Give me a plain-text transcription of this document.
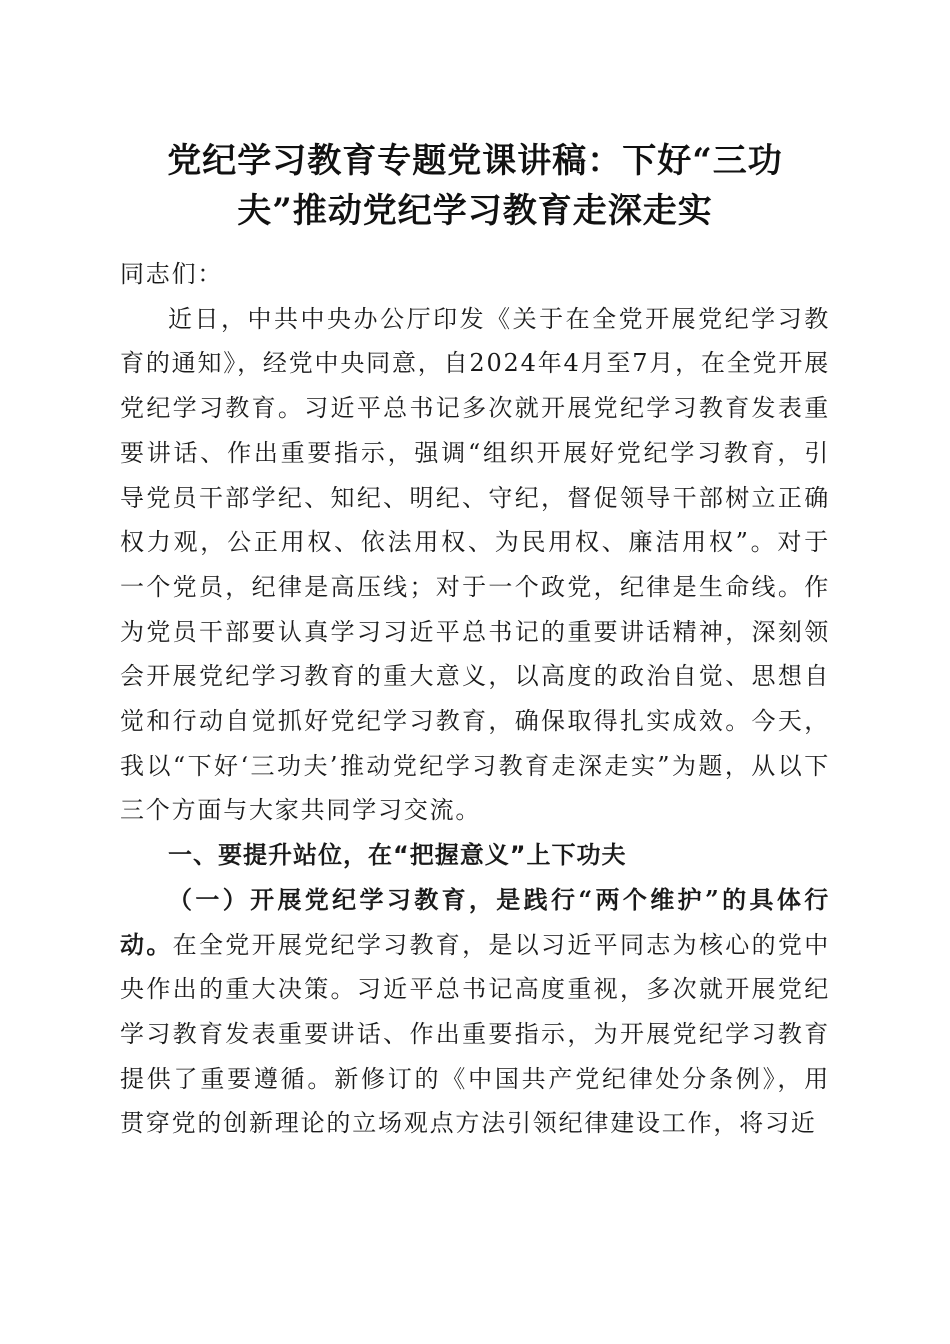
党纪学习教育专题党课讲稿：下好“三功
夫”推动党纪学习教育走深走实

同志们：

近日，中共中央办公厅印发《关于在全党开展党纪学习教育的通知》，经党中央同意，自2024年4月至7月，在全党开展党纪学习教育。习近平总书记多次就开展党纪学习教育发表重要讲话、作出重要指示，强调“组织开展好党纪学习教育，引导党员干部学纪、知纪、明纪、守纪，督促领导干部树立正确权力观，公正用权、依法用权、为民用权、廉洁用权”。对于一个党员，纪律是高压线；对于一个政党，纪律是生命线。作为党员干部要认真学习习近平总书记的重要讲话精神，深刻领会开展党纪学习教育的重大意义，以高度的政治自觉、思想自觉和行动自觉抓好党纪学习教育，确保取得扎实成效。今天，我以“下好‘三功夫’推动党纪学习教育走深走实”为题，从以下三个方面与大家共同学习交流。

一、要提升站位，在“把握意义”上下功夫

（一）开展党纪学习教育，是践行“两个维护”的具体行动。在全党开展党纪学习教育，是以习近平同志为核心的党中央作出的重大决策。习近平总书记高度重视，多次就开展党纪学习教育发表重要讲话、作出重要指示，为开展党纪学习教育提供了重要遵循。新修订的《中国共产党纪律处分条例》，用贯穿党的创新理论的立场观点方法引领纪律建设工作，将习近
